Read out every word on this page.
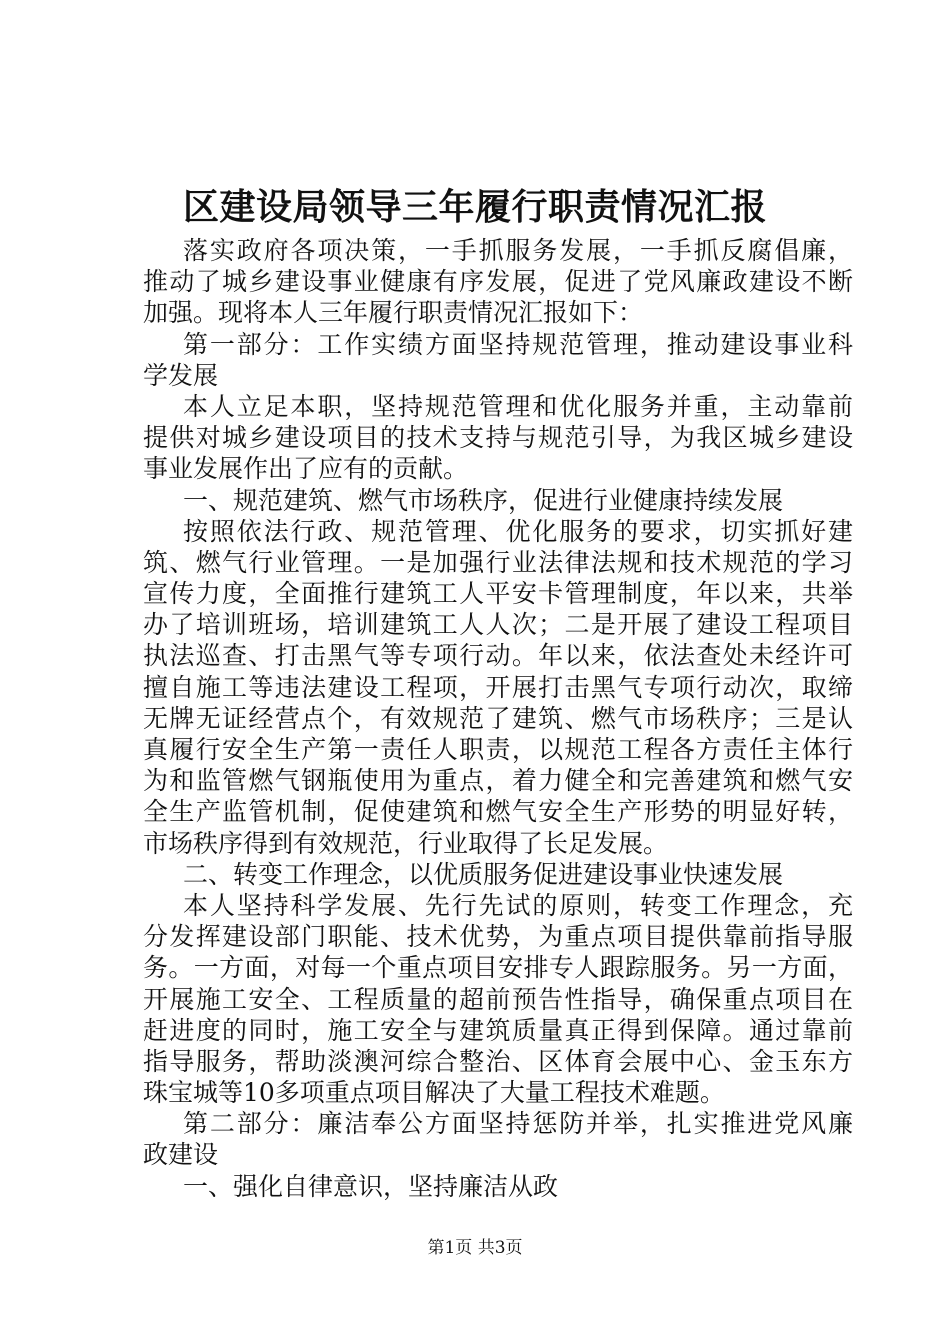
区建设局领导三年履行职责情况汇报
落实政府各项决策，一手抓服务发展，一手抓反腐倡廉，
推动了城乡建设事业健康有序发展，促进了党风廉政建设不断
加强。现将本人三年履行职责情况汇报如下：
第一部分：工作实绩方面坚持规范管理，推动建设事业科
学发展
本人立足本职，坚持规范管理和优化服务并重，主动靠前
提供对城乡建设项目的技术支持与规范引导，为我区城乡建设
事业发展作出了应有的贡献。
一、规范建筑、燃气市场秩序，促进行业健康持续发展
按照依法行政、规范管理、优化服务的要求，切实抓好建
筑、燃气行业管理。一是加强行业法律法规和技术规范的学习
宣传力度，全面推行建筑工人平安卡管理制度，年以来，共举
办了培训班场，培训建筑工人人次；二是开展了建设工程项目
执法巡查、打击黑气等专项行动。年以来，依法查处未经许可
擅自施工等违法建设工程项，开展打击黑气专项行动次，取缔
无牌无证经营点个，有效规范了建筑、燃气市场秩序；三是认
真履行安全生产第一责任人职责，以规范工程各方责任主体行
为和监管燃气钢瓶使用为重点，着力健全和完善建筑和燃气安
全生产监管机制，促使建筑和燃气安全生产形势的明显好转，
市场秩序得到有效规范，行业取得了长足发展。
二、转变工作理念，以优质服务促进建设事业快速发展
本人坚持科学发展、先行先试的原则，转变工作理念，充
分发挥建设部门职能、技术优势，为重点项目提供靠前指导服
务。一方面，对每一个重点项目安排专人跟踪服务。另一方面，
开展施工安全、工程质量的超前预告性指导，确保重点项目在
赶进度的同时，施工安全与建筑质量真正得到保障。通过靠前
指导服务，帮助淡澳河综合整治、区体育会展中心、金玉东方
珠宝城等10多项重点项目解决了大量工程技术难题。
第二部分：廉洁奉公方面坚持惩防并举，扎实推进党风廉
政建设
一、强化自律意识，坚持廉洁从政
第1页 共3页
